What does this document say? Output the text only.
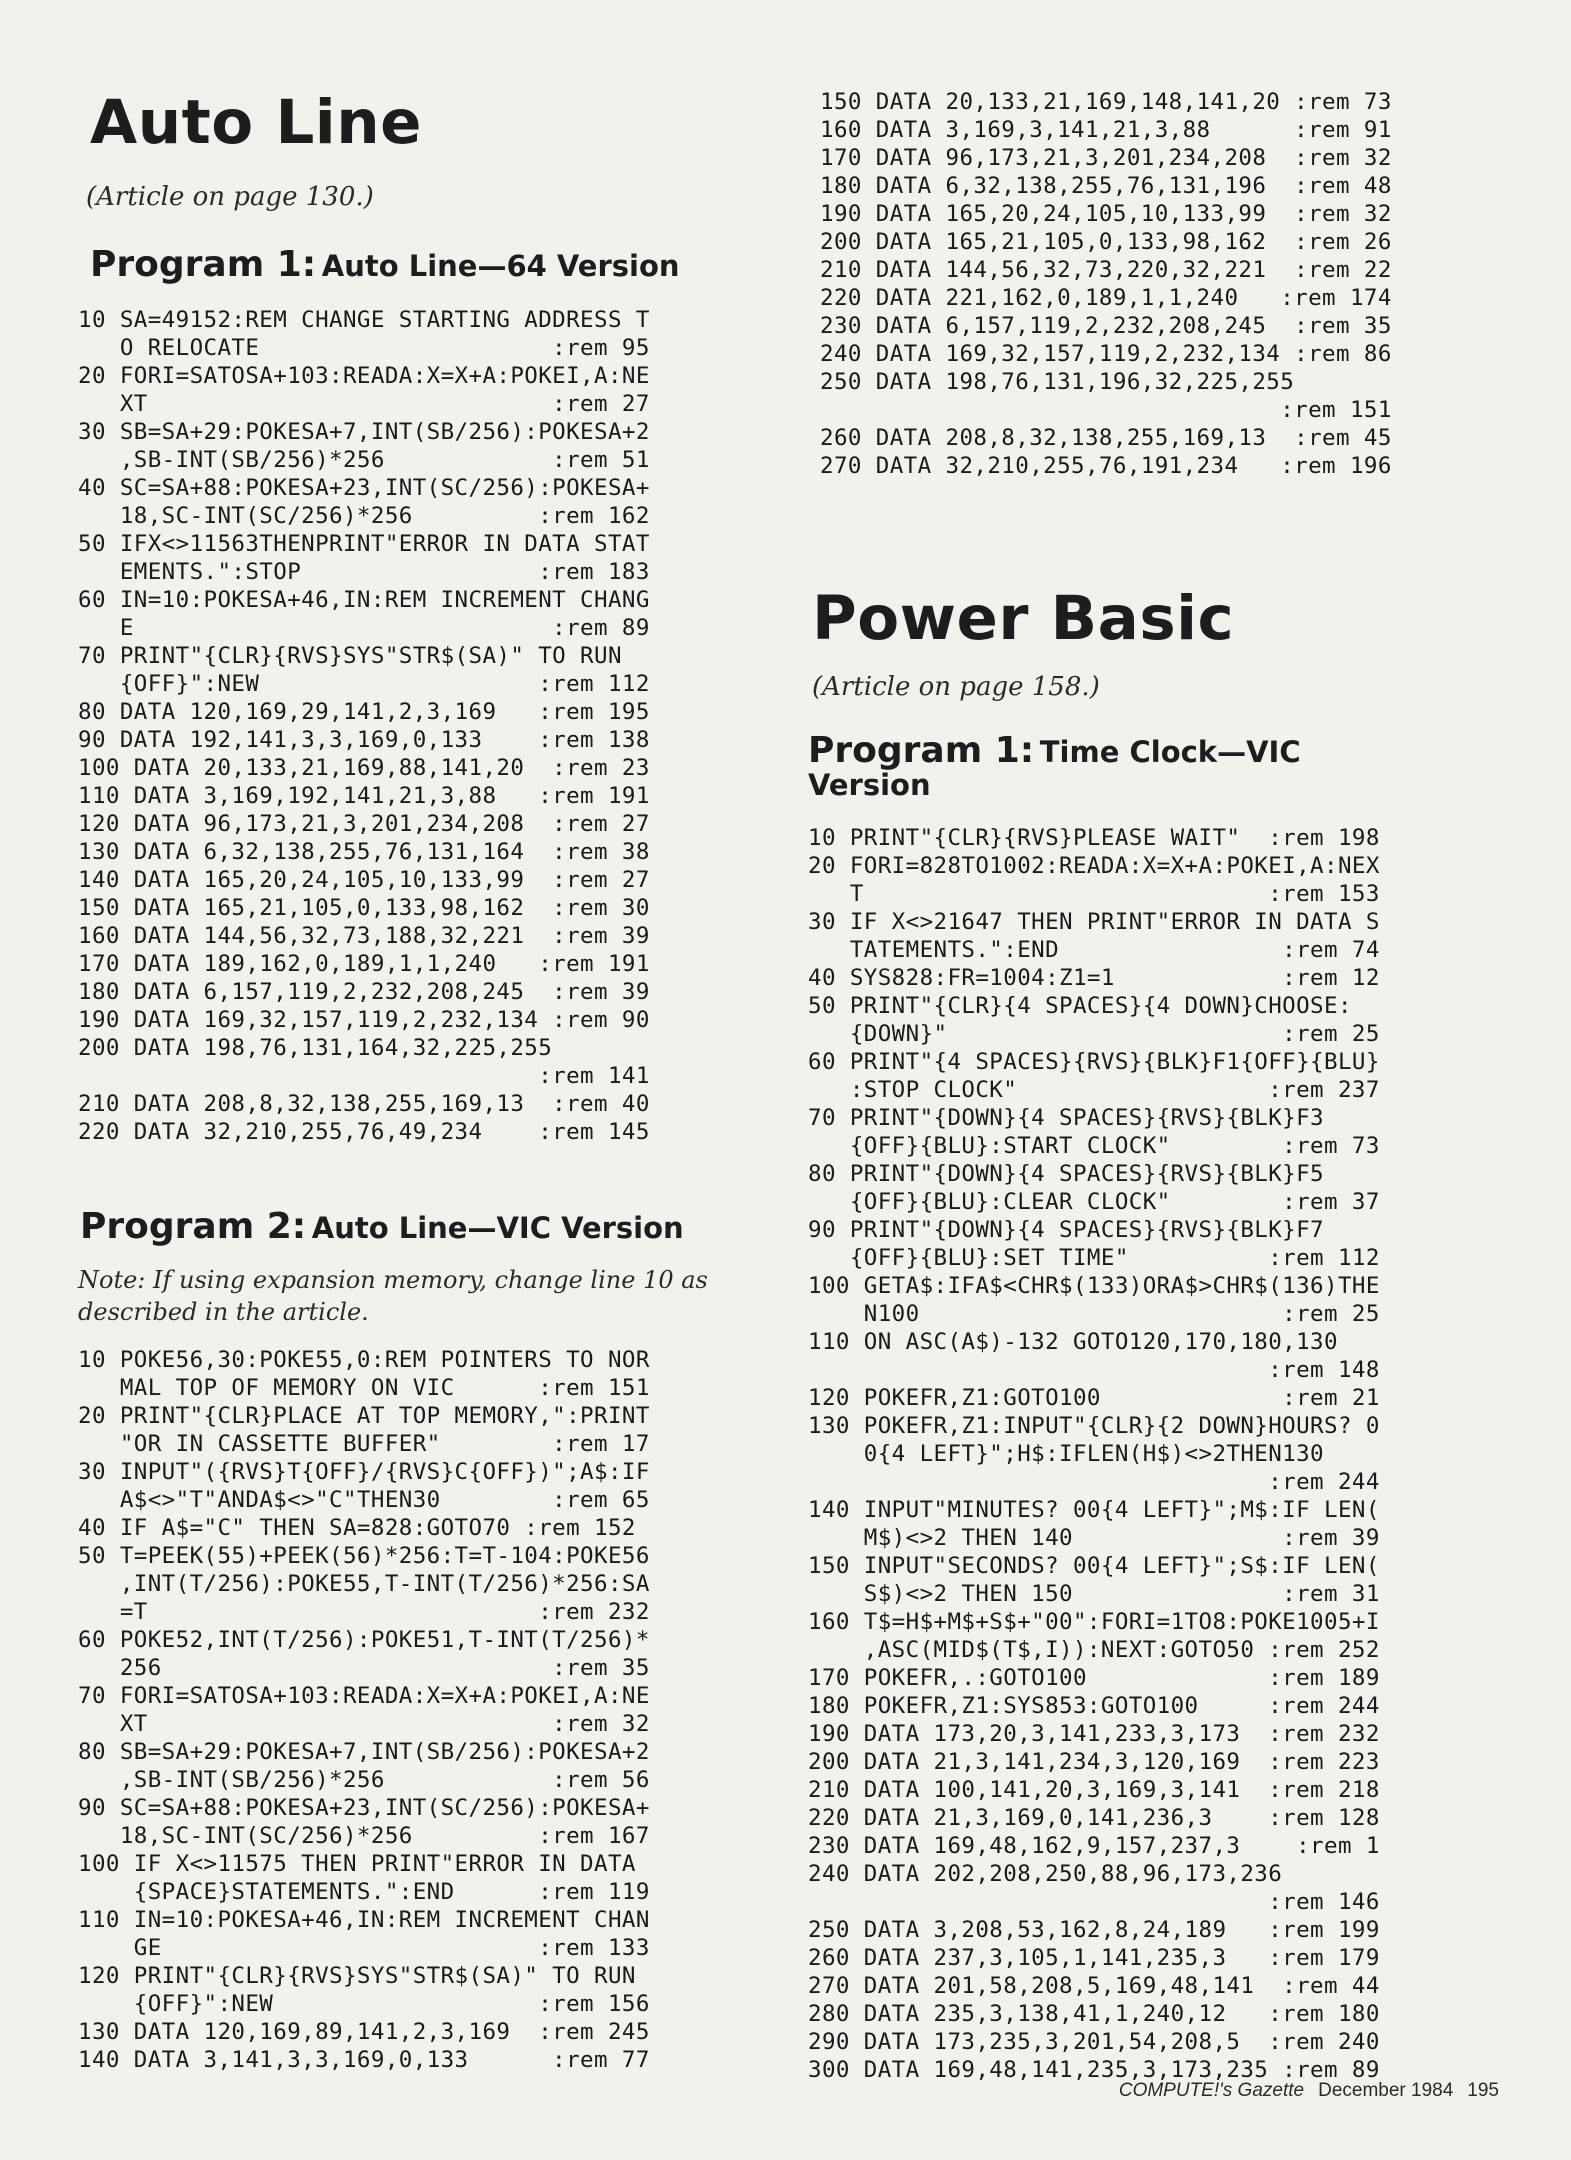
Auto Line
(Article on page 130.)
Program 1: Auto Line—64 Version
10 SA=49152:REM CHANGE STARTING ADDRESS T
O RELOCATE                     :rem 95
20 FORI=SATOSA+103:READA:X=X+A:POKEI,A:NE
XT                             :rem 27
30 SB=SA+29:POKESA+7,INT(SB/256):POKESA+2
,SB-INT(SB/256)*256            :rem 51
40 SC=SA+88:POKESA+23,INT(SC/256):POKESA+
18,SC-INT(SC/256)*256         :rem 162
50 IFX<>11563THENPRINT"ERROR IN DATA STAT
EMENTS.":STOP                 :rem 183
60 IN=10:POKESA+46,IN:REM INCREMENT CHANG
E                              :rem 89
70 PRINT"{CLR}{RVS}SYS"STR$(SA)" TO RUN
{OFF}":NEW                    :rem 112
80 DATA 120,169,29,141,2,3,169   :rem 195
90 DATA 192,141,3,3,169,0,133    :rem 138
100 DATA 20,133,21,169,88,141,20  :rem 23
110 DATA 3,169,192,141,21,3,88   :rem 191
120 DATA 96,173,21,3,201,234,208  :rem 27
130 DATA 6,32,138,255,76,131,164  :rem 38
140 DATA 165,20,24,105,10,133,99  :rem 27
150 DATA 165,21,105,0,133,98,162  :rem 30
160 DATA 144,56,32,73,188,32,221  :rem 39
170 DATA 189,162,0,189,1,1,240   :rem 191
180 DATA 6,157,119,2,232,208,245  :rem 39
190 DATA 169,32,157,119,2,232,134 :rem 90
200 DATA 198,76,131,164,32,225,255
:rem 141
210 DATA 208,8,32,138,255,169,13  :rem 40
220 DATA 32,210,255,76,49,234    :rem 145
Program 2: Auto Line—VIC Version
Note: If using expansion memory, change line 10 as described in the article.
10 POKE56,30:POKE55,0:REM POINTERS TO NOR
MAL TOP OF MEMORY ON VIC      :rem 151
20 PRINT"{CLR}PLACE AT TOP MEMORY,":PRINT
"OR IN CASSETTE BUFFER"        :rem 17
30 INPUT"({RVS}T{OFF}/{RVS}C{OFF})";A$:IF
A$<>"T"ANDA$<>"C"THEN30        :rem 65
40 IF A$="C" THEN SA=828:GOTO70 :rem 152
50 T=PEEK(55)+PEEK(56)*256:T=T-104:POKE56
,INT(T/256):POKE55,T-INT(T/256)*256:SA
=T                            :rem 232
60 POKE52,INT(T/256):POKE51,T-INT(T/256)*
256                            :rem 35
70 FORI=SATOSA+103:READA:X=X+A:POKEI,A:NE
XT                             :rem 32
80 SB=SA+29:POKESA+7,INT(SB/256):POKESA+2
,SB-INT(SB/256)*256            :rem 56
90 SC=SA+88:POKESA+23,INT(SC/256):POKESA+
18,SC-INT(SC/256)*256         :rem 167
100 IF X<>11575 THEN PRINT"ERROR IN DATA
{SPACE}STATEMENTS.":END      :rem 119
110 IN=10:POKESA+46,IN:REM INCREMENT CHAN
GE                           :rem 133
120 PRINT"{CLR}{RVS}SYS"STR$(SA)" TO RUN
{OFF}":NEW                   :rem 156
130 DATA 120,169,89,141,2,3,169  :rem 245
140 DATA 3,141,3,3,169,0,133      :rem 77
150 DATA 20,133,21,169,148,141,20 :rem 73
160 DATA 3,169,3,141,21,3,88      :rem 91
170 DATA 96,173,21,3,201,234,208  :rem 32
180 DATA 6,32,138,255,76,131,196  :rem 48
190 DATA 165,20,24,105,10,133,99  :rem 32
200 DATA 165,21,105,0,133,98,162  :rem 26
210 DATA 144,56,32,73,220,32,221  :rem 22
220 DATA 221,162,0,189,1,1,240   :rem 174
230 DATA 6,157,119,2,232,208,245  :rem 35
240 DATA 169,32,157,119,2,232,134 :rem 86
250 DATA 198,76,131,196,32,225,255
:rem 151
260 DATA 208,8,32,138,255,169,13  :rem 45
270 DATA 32,210,255,76,191,234   :rem 196
Power Basic
(Article on page 158.)
Program 1: Time Clock—VIC Version
10 PRINT"{CLR}{RVS}PLEASE WAIT"  :rem 198
20 FORI=828TO1002:READA:X=X+A:POKEI,A:NEX
T                             :rem 153
30 IF X<>21647 THEN PRINT"ERROR IN DATA S
TATEMENTS.":END                :rem 74
40 SYS828:FR=1004:Z1=1            :rem 12
50 PRINT"{CLR}{4 SPACES}{4 DOWN}CHOOSE:
{DOWN}"                        :rem 25
60 PRINT"{4 SPACES}{RVS}{BLK}F1{OFF}{BLU}
:STOP CLOCK"                  :rem 237
70 PRINT"{DOWN}{4 SPACES}{RVS}{BLK}F3
{OFF}{BLU}:START CLOCK"        :rem 73
80 PRINT"{DOWN}{4 SPACES}{RVS}{BLK}F5
{OFF}{BLU}:CLEAR CLOCK"        :rem 37
90 PRINT"{DOWN}{4 SPACES}{RVS}{BLK}F7
{OFF}{BLU}:SET TIME"          :rem 112
100 GETA$:IFA$<CHR$(133)ORA$>CHR$(136)THE
N100                          :rem 25
110 ON ASC(A$)-132 GOTO120,170,180,130
:rem 148
120 POKEFR,Z1:GOTO100             :rem 21
130 POKEFR,Z1:INPUT"{CLR}{2 DOWN}HOURS? 0
0{4 LEFT}";H$:IFLEN(H$)<>2THEN130
:rem 244
140 INPUT"MINUTES? 00{4 LEFT}";M$:IF LEN(
M$)<>2 THEN 140               :rem 39
150 INPUT"SECONDS? 00{4 LEFT}";S$:IF LEN(
S$)<>2 THEN 150               :rem 31
160 T$=H$+M$+S$+"00":FORI=1TO8:POKE1005+I
,ASC(MID$(T$,I)):NEXT:GOTO50 :rem 252
170 POKEFR,.:GOTO100             :rem 189
180 POKEFR,Z1:SYS853:GOTO100     :rem 244
190 DATA 173,20,3,141,233,3,173  :rem 232
200 DATA 21,3,141,234,3,120,169  :rem 223
210 DATA 100,141,20,3,169,3,141  :rem 218
220 DATA 21,3,169,0,141,236,3    :rem 128
230 DATA 169,48,162,9,157,237,3    :rem 1
240 DATA 202,208,250,88,96,173,236
:rem 146
250 DATA 3,208,53,162,8,24,189   :rem 199
260 DATA 237,3,105,1,141,235,3   :rem 179
270 DATA 201,58,208,5,169,48,141  :rem 44
280 DATA 235,3,138,41,1,240,12   :rem 180
290 DATA 173,235,3,201,54,208,5  :rem 240
300 DATA 169,48,141,235,3,173,235 :rem 89
COMPUTE!'s Gazette December 1984 195
